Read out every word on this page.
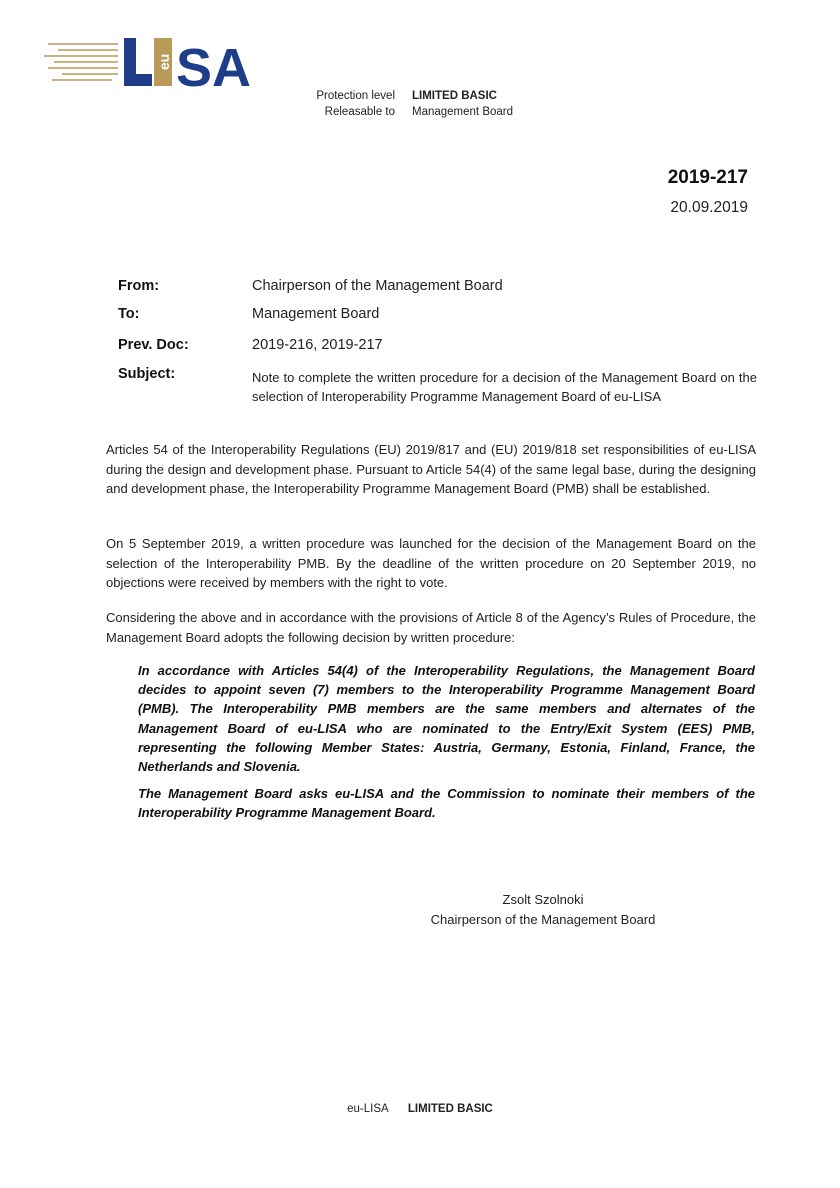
eu SA	Protection level LIMITED BASIC
Releasable to Management Board
2019-217
20.09.2019
From:	Chairperson of the Management Board
To:	Management Board
Prev. Doc:	2019-216, 2019-217
Subject:	Note to complete the written procedure for a decision of the Management Board on the selection of Interoperability Programme Management Board of eu-LISA
Articles 54 of the Interoperability Regulations (EU) 2019/817 and (EU) 2019/818 set responsibilities of eu-LISA during the design and development phase. Pursuant to Article 54(4) of the same legal base, during the designing and development phase, the Interoperability Programme Management Board (PMB) shall be established.
On 5 September 2019, a written procedure was launched for the decision of the Management Board on the selection of the Interoperability PMB. By the deadline of the written procedure on 20 September 2019, no objections were received by members with the right to vote.
Considering the above and in accordance with the provisions of Article 8 of the Agency’s Rules of Procedure, the Management Board adopts the following decision by written procedure:
In accordance with Articles 54(4) of the Interoperability Regulations, the Management Board decides to appoint seven (7) members to the Interoperability Programme Management Board (PMB). The Interoperability PMB members are the same members and alternates of the Management Board of eu-LISA who are nominated to the Entry/Exit System (EES) PMB, representing the following Member States: Austria, Germany, Estonia, Finland, France, the Netherlands and Slovenia.
The Management Board asks eu-LISA and the Commission to nominate their members of the Interoperability Programme Management Board.
Zsolt Szolnoki
Chairperson of the Management Board
eu-LISA LIMITED BASIC
